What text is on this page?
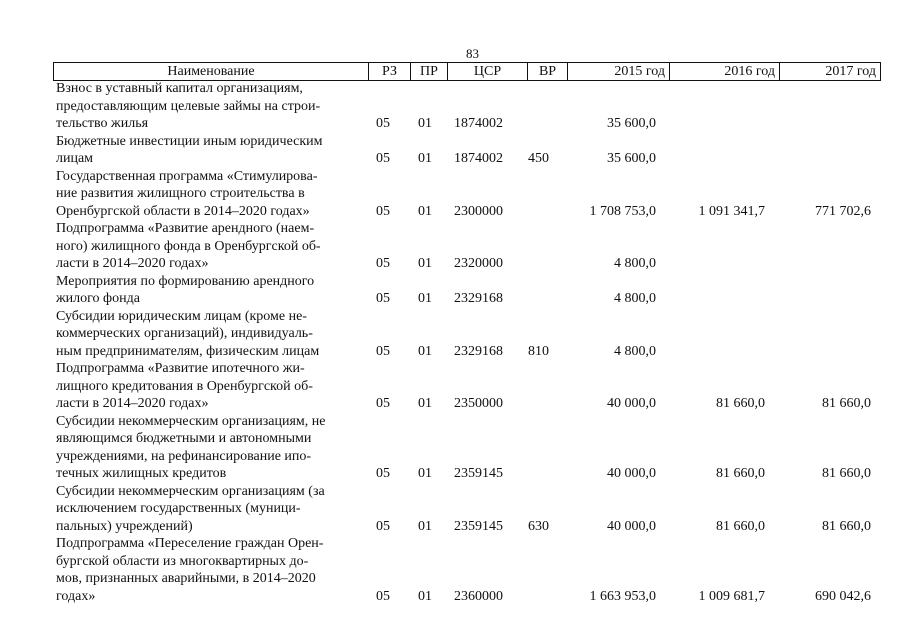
83
Наименование	РЗ	ПР	ЦСР	ВР	2015 год	2016 год	2017 год
Взнос в уставный капитал организациям,
предоставляющим целевые займы на строи-
тельство жилья	05 01 1874002	35 600,0
Бюджетные инвестиции иным юридическим
лицам	05 01 1874002 450	35 600,0
Государственная программа «Стимулирова-
ние развития жилищного строительства в
Оренбургской области в 2014–2020 годах»	05 01 2300000	1 708 753,0	1 091 341,7	771 702,6
Подпрограмма «Развитие арендного (наем-
ного) жилищного фонда в Оренбургской об-
ласти в 2014–2020 годах»	05 01 2320000	4 800,0
Мероприятия по формированию арендного
жилого фонда	05 01 2329168	4 800,0
Субсидии юридическим лицам (кроме не-
коммерческих организаций), индивидуаль-
ным предпринимателям, физическим лицам	05 01 2329168 810	4 800,0
Подпрограмма «Развитие ипотечного жи-
лищного кредитования в Оренбургской об-
ласти в 2014–2020 годах»	05 01 2350000	40 000,0	81 660,0	81 660,0
Субсидии некоммерческим организациям, не
являющимся бюджетными и автономными
учреждениями, на рефинансирование ипо-
течных жилищных кредитов	05 01 2359145	40 000,0	81 660,0	81 660,0
Субсидии некоммерческим организациям (за
исключением государственных (муници-
пальных) учреждений)	05 01 2359145 630	40 000,0	81 660,0	81 660,0
Подпрограмма «Переселение граждан Орен-
бургской области из многоквартирных до-
мов, признанных аварийными, в 2014–2020
годах»	05 01 2360000	1 663 953,0	1 009 681,7	690 042,6
